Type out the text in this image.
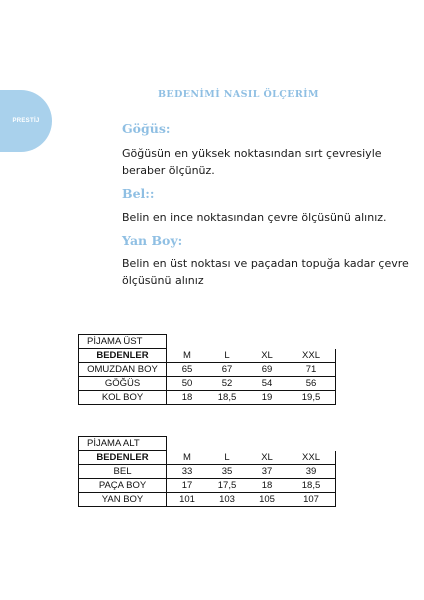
PRESTİJ
BEDENİMİ NASIL ÖLÇERİM
Göğüs:
Göğüsün en yüksek noktasından sırt çevresiyle beraber ölçünüz.
Bel::
Belin en ince noktasından çevre ölçüsünü alınız.
Yan Boy:
Belin en üst noktası ve paçadan topuğa kadar çevre ölçüsünü alınız
PİJAMA ÜST				
BEDENLER	M	L	XL	XXL
OMUZDAN BOY	65	67	69	71
GÖĞÜS	50	52	54	56
KOL BOY	18	18,5	19	19,5
PİJAMA ALT				
BEDENLER	M	L	XL	XXL
BEL	33	35	37	39
PAÇA BOY	17	17,5	18	18,5
YAN BOY	101	103	105	107
